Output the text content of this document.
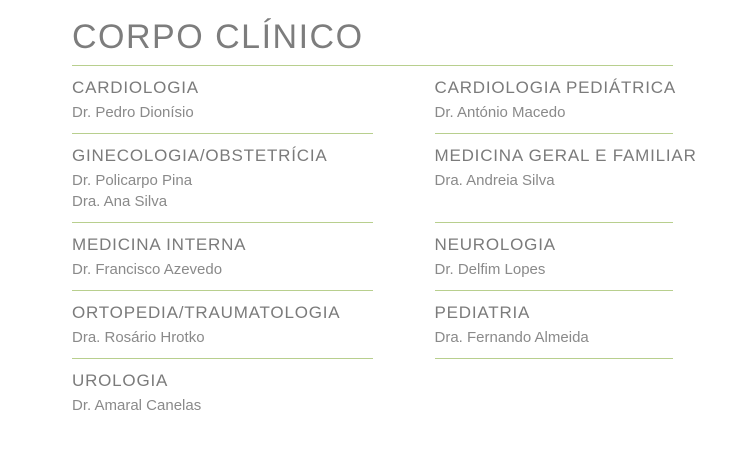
CORPO CLÍNICO

CARDIOLOGIA

Dr. Pedro Dionísio

CARDIOLOGIA PEDIÁTRICA

Dr. António Macedo

GINECOLOGIA/OBSTETRÍCIA

Dr. Policarpo Pina

Dra. Ana Silva

MEDICINA GERAL E FAMILIAR

Dra. Andreia Silva

MEDICINA INTERNA

Dr. Francisco Azevedo

NEUROLOGIA

Dr. Delfim Lopes

ORTOPEDIA/TRAUMATOLOGIA

Dra. Rosário Hrotko

PEDIATRIA

Dra. Fernando Almeida

UROLOGIA

Dr. Amaral Canelas
